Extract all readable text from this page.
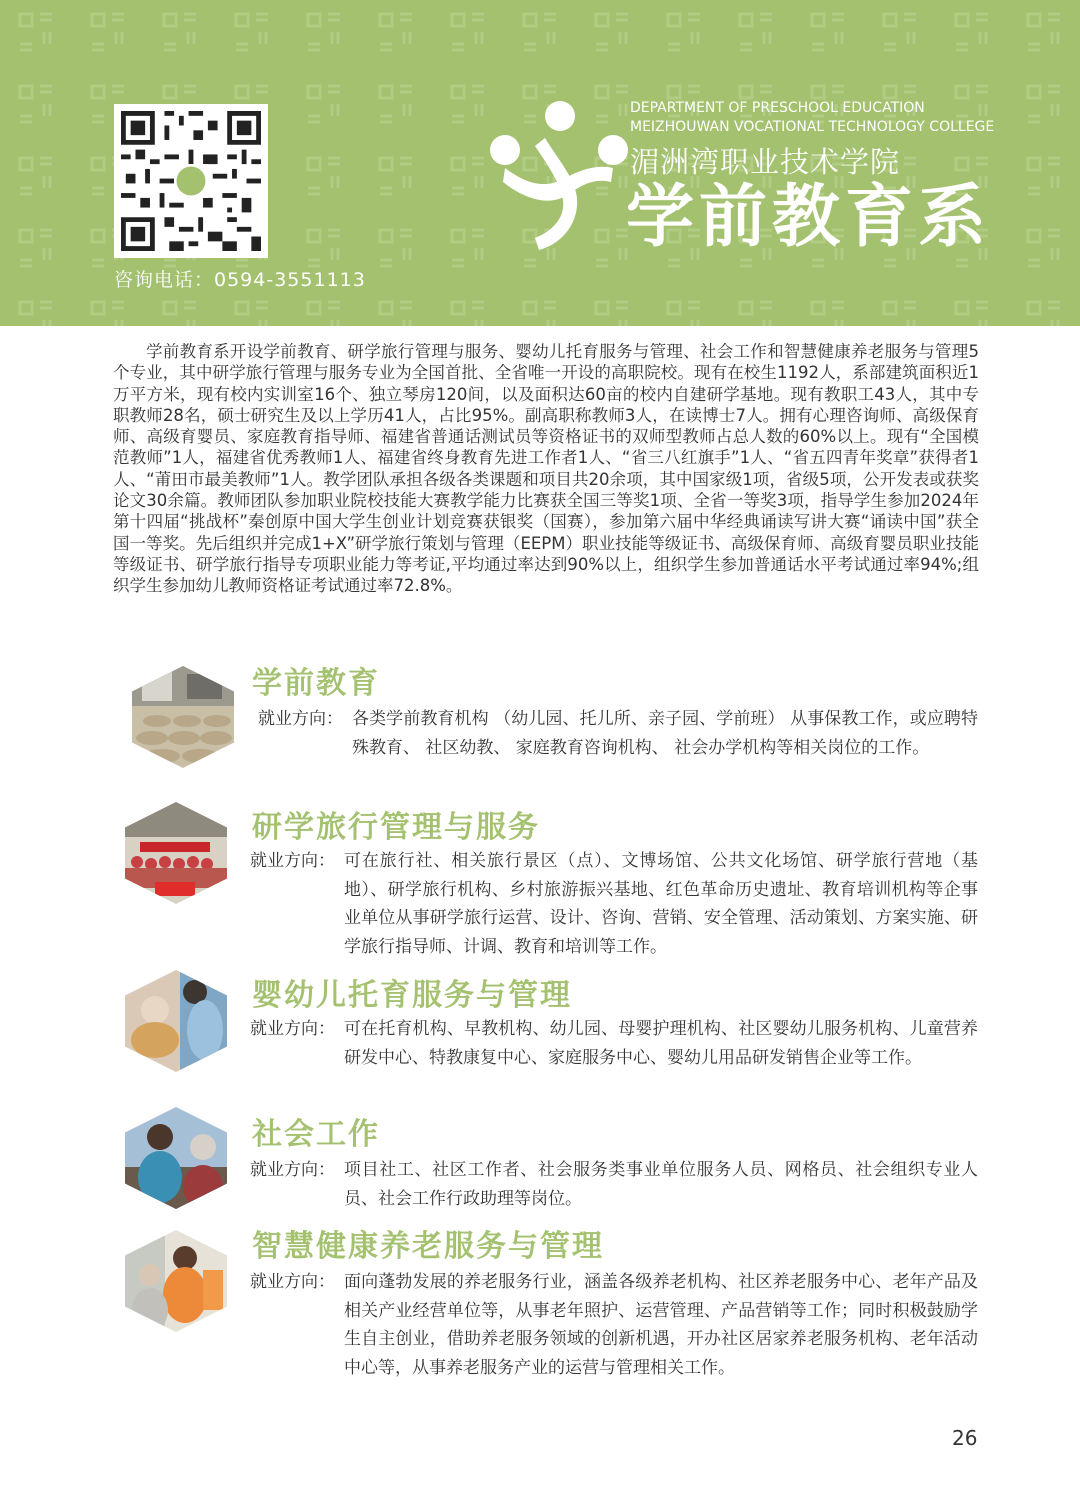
咨询电话：0594-3551113
DEPARTMENT OF PRESCHOOL EDUCATION
MEIZHOUWAN VOCATIONAL TECHNOLOGY COLLEGE
湄洲湾职业技术学院
学前教育系

学前教育系开设学前教育、研学旅行管理与服务、婴幼儿托育服务与管理、社会工作和智慧健康养老服务与管理5个专业，其中研学旅行管理与服务专业为全国首批、全省唯一开设的高职院校。现有在校生1192人，系部建筑面积近1万平方米，现有校内实训室16个、独立琴房120间，以及面积达60亩的校内自建研学基地。现有教职工43人，其中专职教师28名，硕士研究生及以上学历41人，占比95%。副高职称教师3人，在读博士7人。拥有心理咨询师、高级保育师、高级育婴员、家庭教育指导师、福建省普通话测试员等资格证书的双师型教师占总人数的60%以上。现有“全国模范教师”1人，福建省优秀教师1人、福建省终身教育先进工作者1人、“省三八红旗手”1人、“省五四青年奖章”获得者1人、“莆田市最美教师”1人。教学团队承担各级各类课题和项目共20余项，其中国家级1项，省级5项，公开发表或获奖论文30余篇。教师团队参加职业院校技能大赛教学能力比赛获全国三等奖1项、全省一等奖3项，指导学生参加2024年第十四届“挑战杯”秦创原中国大学生创业计划竞赛获银奖（国赛），参加第六届中华经典诵读写讲大赛“诵读中国”获全国一等奖。先后组织并完成1+X”研学旅行策划与管理（EEPM）职业技能等级证书、高级保育师、高级育婴员职业技能等级证书、研学旅行指导专项职业能力等考证,平均通过率达到90%以上，组织学生参加普通话水平考试通过率94%;组织学生参加幼儿教师资格证考试通过率72.8%。

学前教育
就业方向： 各类学前教育机构 （幼儿园、托儿所、亲子园、学前班） 从事保教工作，或应聘特殊教育、 社区幼教、 家庭教育咨询机构、 社会办学机构等相关岗位的工作。
研学旅行管理与服务
就业方向： 可在旅行社、相关旅行景区（点）、文博场馆、公共文化场馆、研学旅行营地（基地）、研学旅行机构、乡村旅游振兴基地、红色革命历史遗址、教育培训机构等企事业单位从事研学旅行运营、设计、咨询、营销、安全管理、活动策划、方案实施、研学旅行指导师、计调、教育和培训等工作。
婴幼儿托育服务与管理
就业方向： 可在托育机构、早教机构、幼儿园、母婴护理机构、社区婴幼儿服务机构、儿童营养研发中心、特教康复中心、家庭服务中心、婴幼儿用品研发销售企业等工作。
社会工作
就业方向： 项目社工、社区工作者、社会服务类事业单位服务人员、网格员、社会组织专业人员、社会工作行政助理等岗位。
智慧健康养老服务与管理
就业方向： 面向蓬勃发展的养老服务行业，涵盖各级养老机构、社区养老服务中心、老年产品及相关产业经营单位等，从事老年照护、运营管理、产品营销等工作；同时积极鼓励学生自主创业，借助养老服务领域的创新机遇，开办社区居家养老服务机构、老年活动中心等，从事养老服务产业的运营与管理相关工作。
26
